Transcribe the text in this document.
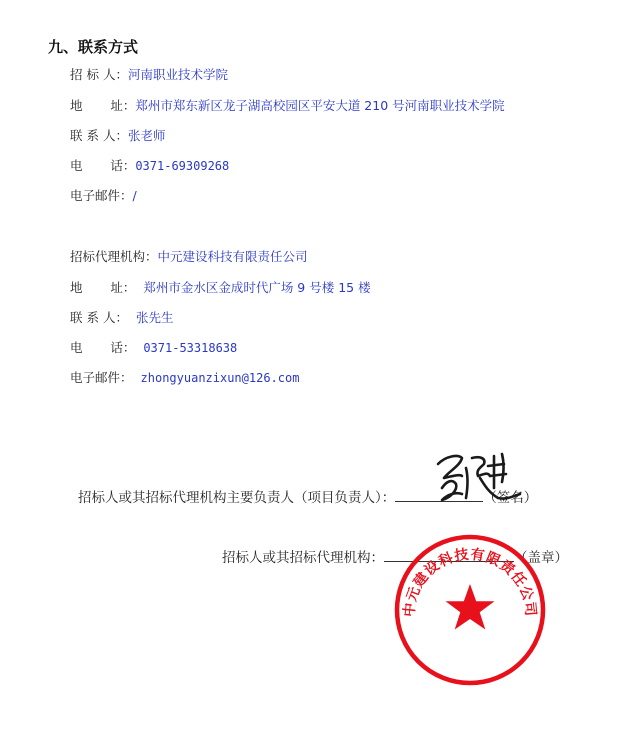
九、联系方式
招 标 人：河南职业技术学院
地       址：郑州市郑东新区龙子湖高校园区平安大道 210 号河南职业技术学院
联 系 人：张老师
电       话：0371-69309268
电子邮件：/
招标代理机构：中元建设科技有限责任公司
地       址： 郑州市金水区金成时代广场 9 号楼 15 楼
联 系 人： 张先生
电       话： 0371-53318638
电子邮件： zhongyuanzixun@126.com
招标人或其招标代理机构主要负责人（项目负责人）：	（签名）
招标人或其招标代理机构：	（盖章）
中元建设科技有限责任公司
